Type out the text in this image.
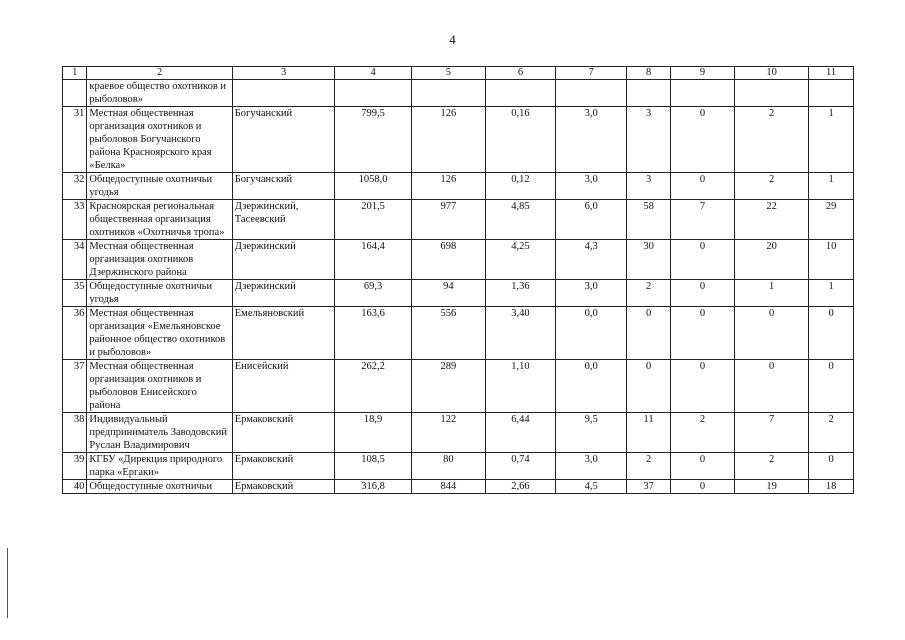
4
1	2	3	4	5	6	7	8	9	10	11
	краевое общество охотников и рыболовов»									
31	Местная общественная организация охотников и рыболовов Богучанского района Красноярского края «Белка»	Богучанский	799,5	126	0,16	3,0	3	0	2	1
32	Общедоступные охотничьи угодья	Богучанский	1058,0	126	0,12	3,0	3	0	2	1
33	Красноярская региональная общественная организация охотников «Охотничья тропа»	Дзержинский, Тасеевский	201,5	977	4,85	6,0	58	7	22	29
34	Местная общественная организация охотников Дзержинского района	Дзержинский	164,4	698	4,25	4,3	30	0	20	10
35	Общедоступные охотничьи угодья	Дзержинский	69,3	94	1,36	3,0	2	0	1	1
36	Местная общественная организация «Емельяновское районное общество охотников и рыболовов»	Емельяновский	163,6	556	3,40	0,0	0	0	0	0
37	Местная общественная организация охотников и рыболовов Енисейского района	Енисейский	262,2	289	1,10	0,0	0	0	0	0
38	Индивидуальный предприниматель Заводовский Руслан Владимирович	Ермаковский	18,9	122	6,44	9,5	11	2	7	2
39	КГБУ «Дирекция природного парка «Ергаки»	Ермаковский	108,5	80	0,74	3,0	2	0	2	0
40	Общедоступные охотничьи	Ермаковский	316,8	844	2,66	4,5	37	0	19	18
